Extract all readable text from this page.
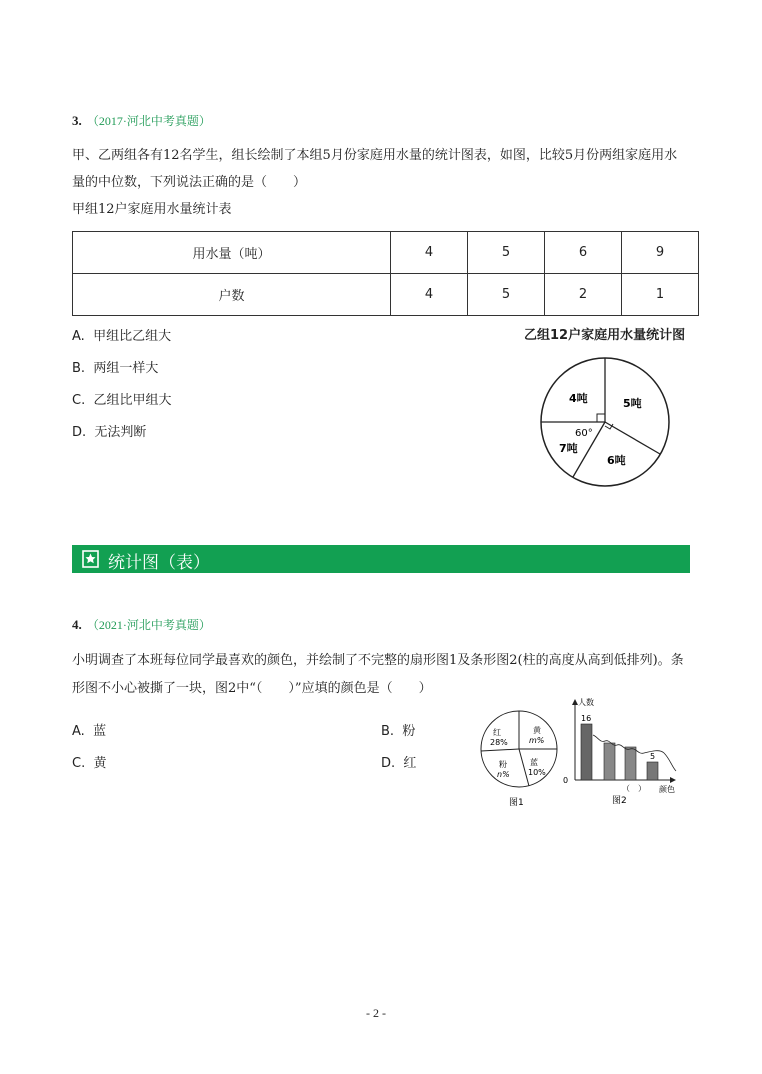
3. （2017·河北中考真题）
甲、乙两组各有12名学生，组长绘制了本组5月份家庭用水量的统计图表，如图，比较5月份两组家庭用水
量的中位数，下列说法正确的是（　　）
甲组12户家庭用水量统计表
用水量（吨）	4	5	6	9
户数	4	5	2	1
A. 甲组比乙组大
B. 两组一样大
C. 乙组比甲组大
D. 无法判断
乙组12户家庭用水量统计图
4吨	5吨
6吨
7吨
60°
统计图（表）
4. （2021·河北中考真题）
小明调查了本班每位同学最喜欢的颜色，并绘制了不完整的扇形图1及条形图2(柱的高度从高到低排列)。条
形图不小心被撕了一块，图2中“（　　）”应填的颜色是（　　）
A. 蓝	B. 粉
C. 黄	D. 红
红
28%
黄
m%
粉
n%
蓝
10%
图1
人数
颜色
0
16
5
（　）
图2
- 2 -
